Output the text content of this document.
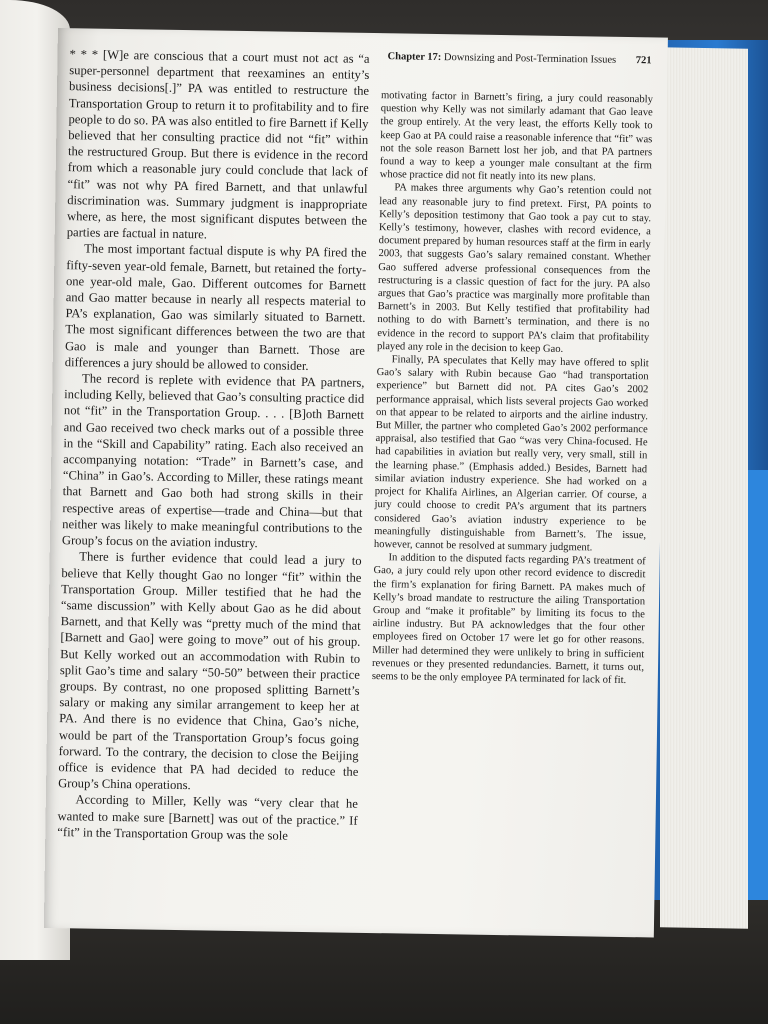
Chapter 17: Downsizing and Post-Termination Issues 721

* * * [W]e are conscious that a court must not act as “a super-personnel department that reexamines an entity’s business decisions[.]” PA was entitled to restructure the Transportation Group to return it to profitability and to fire people to do so. PA was also entitled to fire Barnett if Kelly believed that her consulting practice did not “fit” within the restructured Group. But there is evidence in the record from which a reasonable jury could conclude that lack of “fit” was not why PA fired Barnett, and that unlawful discrimination was. Summary judgment is inappropriate where, as here, the most significant disputes between the parties are factual in nature.

The most important factual dispute is why PA fired the fifty-seven year-old female, Barnett, but retained the forty-one year-old male, Gao. Different outcomes for Barnett and Gao matter because in nearly all respects material to PA’s explanation, Gao was similarly situated to Barnett. The most significant differences between the two are that Gao is male and younger than Barnett. Those are differences a jury should be allowed to consider.

The record is replete with evidence that PA partners, including Kelly, believed that Gao’s consulting practice did not “fit” in the Transportation Group. . . . [B]oth Barnett and Gao received two check marks out of a possible three in the “Skill and Capability” rating. Each also received an accompanying notation: “Trade” in Barnett’s case, and “China” in Gao’s. According to Miller, these ratings meant that Barnett and Gao both had strong skills in their respective areas of expertise—trade and China—but that neither was likely to make meaningful contributions to the Group’s focus on the aviation industry.

There is further evidence that could lead a jury to believe that Kelly thought Gao no longer “fit” within the Transportation Group. Miller testified that he had the “same discussion” with Kelly about Gao as he did about Barnett, and that Kelly was “pretty much of the mind that [Barnett and Gao] were going to move” out of his group. But Kelly worked out an accommodation with Rubin to split Gao’s time and salary “50-50” between their practice groups. By contrast, no one proposed splitting Barnett’s salary or making any similar arrangement to keep her at PA. And there is no evidence that China, Gao’s niche, would be part of the Transportation Group’s focus going forward. To the contrary, the decision to close the Beijing office is evidence that PA had decided to reduce the Group’s China operations.

According to Miller, Kelly was “very clear that he wanted to make sure [Barnett] was out of the practice.” If “fit” in the Transportation Group was the sole

motivating factor in Barnett’s firing, a jury could reasonably question why Kelly was not similarly adamant that Gao leave the group entirely. At the very least, the efforts Kelly took to keep Gao at PA could raise a reasonable inference that “fit” was not the sole reason Barnett lost her job, and that PA partners found a way to keep a younger male consultant at the firm whose practice did not fit neatly into its new plans.

PA makes three arguments why Gao’s retention could not lead any reasonable jury to find pretext. First, PA points to Kelly’s deposition testimony that Gao took a pay cut to stay. Kelly’s testimony, however, clashes with record evidence, a document prepared by human resources staff at the firm in early 2003, that suggests Gao’s salary remained constant. Whether Gao suffered adverse professional consequences from the restructuring is a classic question of fact for the jury. PA also argues that Gao’s practice was marginally more profitable than Barnett’s in 2003. But Kelly testified that profitability had nothing to do with Barnett’s termination, and there is no evidence in the record to support PA’s claim that profitability played any role in the decision to keep Gao.

Finally, PA speculates that Kelly may have offered to split Gao’s salary with Rubin because Gao “had transportation experience” but Barnett did not. PA cites Gao’s 2002 performance appraisal, which lists several projects Gao worked on that appear to be related to airports and the airline industry. But Miller, the partner who completed Gao’s 2002 performance appraisal, also testified that Gao “was very China-focused. He had capabilities in aviation but really very, very small, still in the learning phase.” (Emphasis added.) Besides, Barnett had similar aviation industry experience. She had worked on a project for Khalifa Airlines, an Algerian carrier. Of course, a jury could choose to credit PA’s argument that its partners considered Gao’s aviation industry experience to be meaningfully distinguishable from Barnett’s. The issue, however, cannot be resolved at summary judgment.

In addition to the disputed facts regarding PA’s treatment of Gao, a jury could rely upon other record evidence to discredit the firm’s explanation for firing Barnett. PA makes much of Kelly’s broad mandate to restructure the ailing Transportation Group and “make it profitable” by limiting its focus to the airline industry. But PA acknowledges that the four other employees fired on October 17 were let go for other reasons. Miller had determined they were unlikely to bring in sufficient revenues or they presented redundancies. Barnett, it turns out, seems to be the only employee PA terminated for lack of fit.
